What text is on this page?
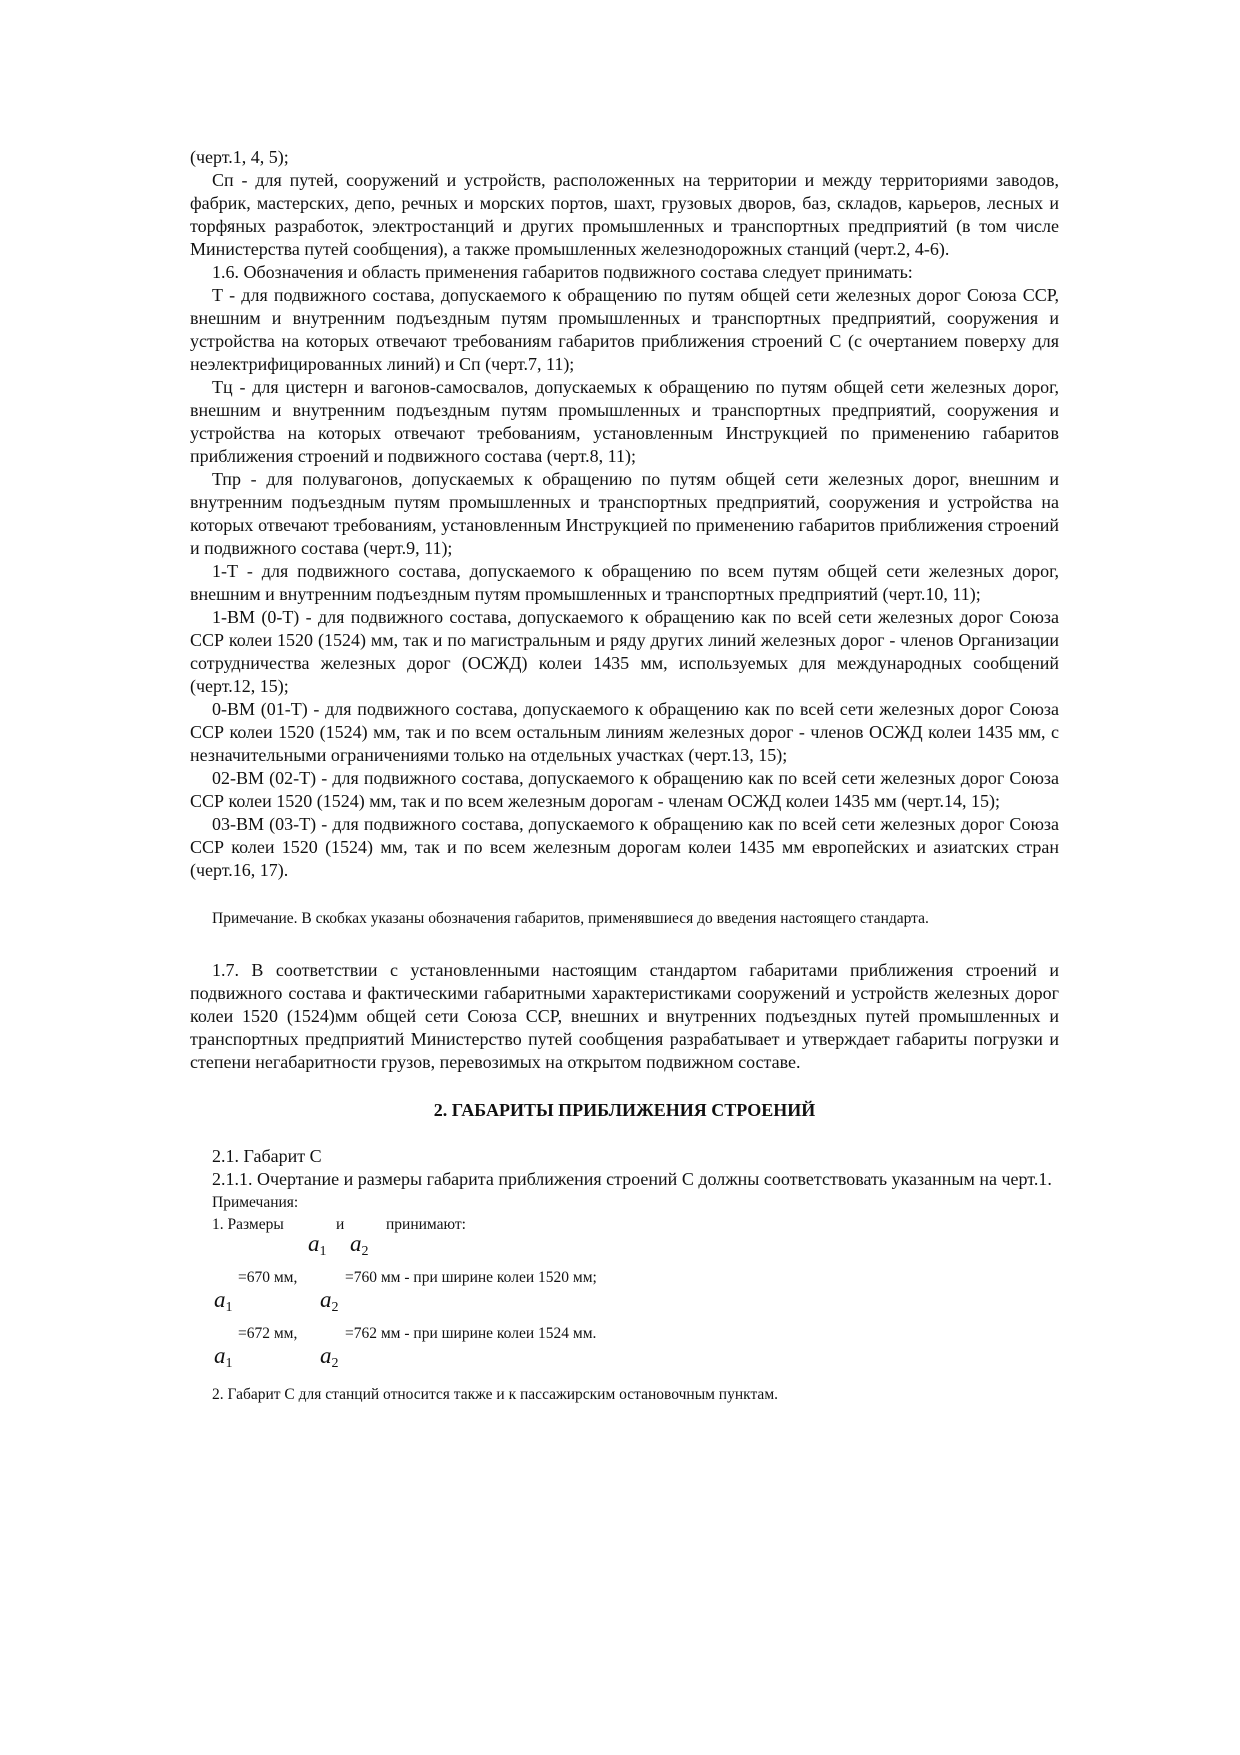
(черт.1, 4, 5);

Сп - для путей, сооружений и устройств, расположенных на территории и между территориями заводов, фабрик, мастерских, депо, речных и морских портов, шахт, грузовых дворов, баз, складов, карьеров, лесных и торфяных разработок, электростанций и других промышленных и транспортных предприятий (в том числе Министерства путей сообщения), а также промышленных железнодорожных станций (черт.2, 4-6).

1.6. Обозначения и область применения габаритов подвижного состава следует принимать:

Т - для подвижного состава, допускаемого к обращению по путям общей сети железных дорог Союза ССР, внешним и внутренним подъездным путям промышленных и транспортных предприятий, сооружения и устройства на которых отвечают требованиям габаритов приближения строений С (с очертанием поверху для неэлектрифицированных линий) и Сп (черт.7, 11);

Тц - для цистерн и вагонов-самосвалов, допускаемых к обращению по путям общей сети железных дорог, внешним и внутренним подъездным путям промышленных и транспортных предприятий, сооружения и устройства на которых отвечают требованиям, установленным Инструкцией по применению габаритов приближения строений и подвижного состава (черт.8, 11);

Тпр - для полувагонов, допускаемых к обращению по путям общей сети железных дорог, внешним и внутренним подъездным путям промышленных и транспортных предприятий, сооружения и устройства на которых отвечают требованиям, установленным Инструкцией по применению габаритов приближения строений и подвижного состава (черт.9, 11);

1-Т - для подвижного состава, допускаемого к обращению по всем путям общей сети железных дорог, внешним и внутренним подъездным путям промышленных и транспортных предприятий (черт.10, 11);

1-ВМ (0-Т) - для подвижного состава, допускаемого к обращению как по всей сети железных дорог Союза ССР колеи 1520 (1524) мм, так и по магистральным и ряду других линий железных дорог - членов Организации сотрудничества железных дорог (ОСЖД) колеи 1435 мм, используемых для международных сообщений (черт.12, 15);

0-ВМ (01-Т) - для подвижного состава, допускаемого к обращению как по всей сети железных дорог Союза ССР колеи 1520 (1524) мм, так и по всем остальным линиям железных дорог - членов ОСЖД колеи 1435 мм, с незначительными ограничениями только на отдельных участках (черт.13, 15);

02-ВМ (02-Т) - для подвижного состава, допускаемого к обращению как по всей сети железных дорог Союза ССР колеи 1520 (1524) мм, так и по всем железным дорогам - членам ОСЖД колеи 1435 мм (черт.14, 15);

03-ВМ (03-Т) - для подвижного состава, допускаемого к обращению как по всей сети железных дорог Союза ССР колеи 1520 (1524) мм, так и по всем железным дорогам колеи 1435 мм европейских и азиатских стран (черт.16, 17).

Примечание. В скобках указаны обозначения габаритов, применявшиеся до введения настоящего стандарта.

1.7. В соответствии с установленными настоящим стандартом габаритами приближения строений и подвижного состава и фактическими габаритными характеристиками сооружений и устройств железных дорог колеи 1520 (1524)мм общей сети Союза ССР, внешних и внутренних подъездных путей промышленных и транспортных предприятий Министерство путей сообщения разрабатывает и утверждает габариты погрузки и степени негабаритности грузов, перевозимых на открытом подвижном составе.

2. ГАБАРИТЫ ПРИБЛИЖЕНИЯ СТРОЕНИЙ

2.1. Габарит С

2.1.1. Очертание и размеры габарита приближения строений С должны соответствовать указанным на черт.1.

Примечания:

1. Размеры	и	принимают:
$a_1$ $a_2$
=670 мм,	=760 мм - при ширине колеи 1520 мм;
$a_1$	$a_2$
=672 мм,	=762 мм - при ширине колеи 1524 мм.
$a_1$	$a_2$

2. Габарит С для станций относится также и к пассажирским остановочным пунктам.
